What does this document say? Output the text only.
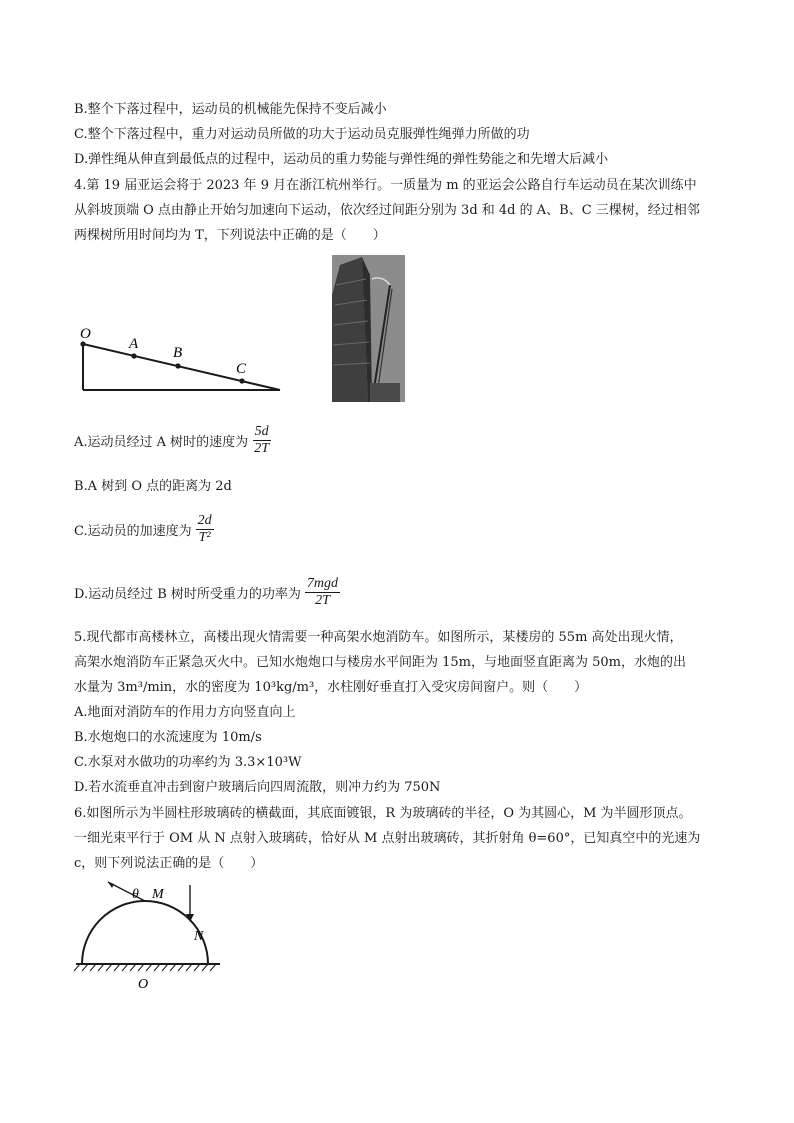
B.整个下落过程中，运动员的机械能先保持不变后减小
C.整个下落过程中，重力对运动员所做的功大于运动员克服弹性绳弹力所做的功
D.弹性绳从伸直到最低点的过程中，运动员的重力势能与弹性绳的弹性势能之和先增大后减小
4.第 19 届亚运会将于 2023 年 9 月在浙江杭州举行。一质量为 m 的亚运会公路自行车运动员在某次训练中
从斜坡顶端 O 点由静止开始匀加速向下运动，依次经过间距分别为 3d 和 4d 的 A、B、C 三棵树，经过相邻
两棵树所用时间均为 T，下列说法中正确的是（　　）
O
A
B
C
A.运动员经过 A 树时的速度为 $\frac{5d}{2T}$
B.A 树到 O 点的距离为 2d
C.运动员的加速度为 $\frac{2d}{\text{T²}}$
D.运动员经过 B 树时所受重力的功率为 $\frac{\text{7mgd}}{2T}$
5.现代都市高楼林立，高楼出现火情需要一种高架水炮消防车。如图所示，某楼房的 55m 高处出现火情，
高架水炮消防车正紧急灭火中。已知水炮炮口与楼房水平间距为 15m，与地面竖直距离为 50m，水炮的出
水量为 3m³/min，水的密度为 10³kg/m³，水柱刚好垂直打入受灾房间窗户。则（　　）
A.地面对消防车的作用力方向竖直向上
B.水炮炮口的水流速度为 10m/s
C.水泵对水做功的功率约为 3.3×10³W
D.若水流垂直冲击到窗户玻璃后向四周流散，则冲力约为 750N
6.如图所示为半圆柱形玻璃砖的横截面，其底面镀银，R 为玻璃砖的半径，O 为其圆心，M 为半圆形顶点。
一细光束平行于 OM 从 N 点射入玻璃砖，恰好从 M 点射出玻璃砖，其折射角 θ=60°，已知真空中的光速为
c，则下列说法正确的是（　　）
θ M
N
O
